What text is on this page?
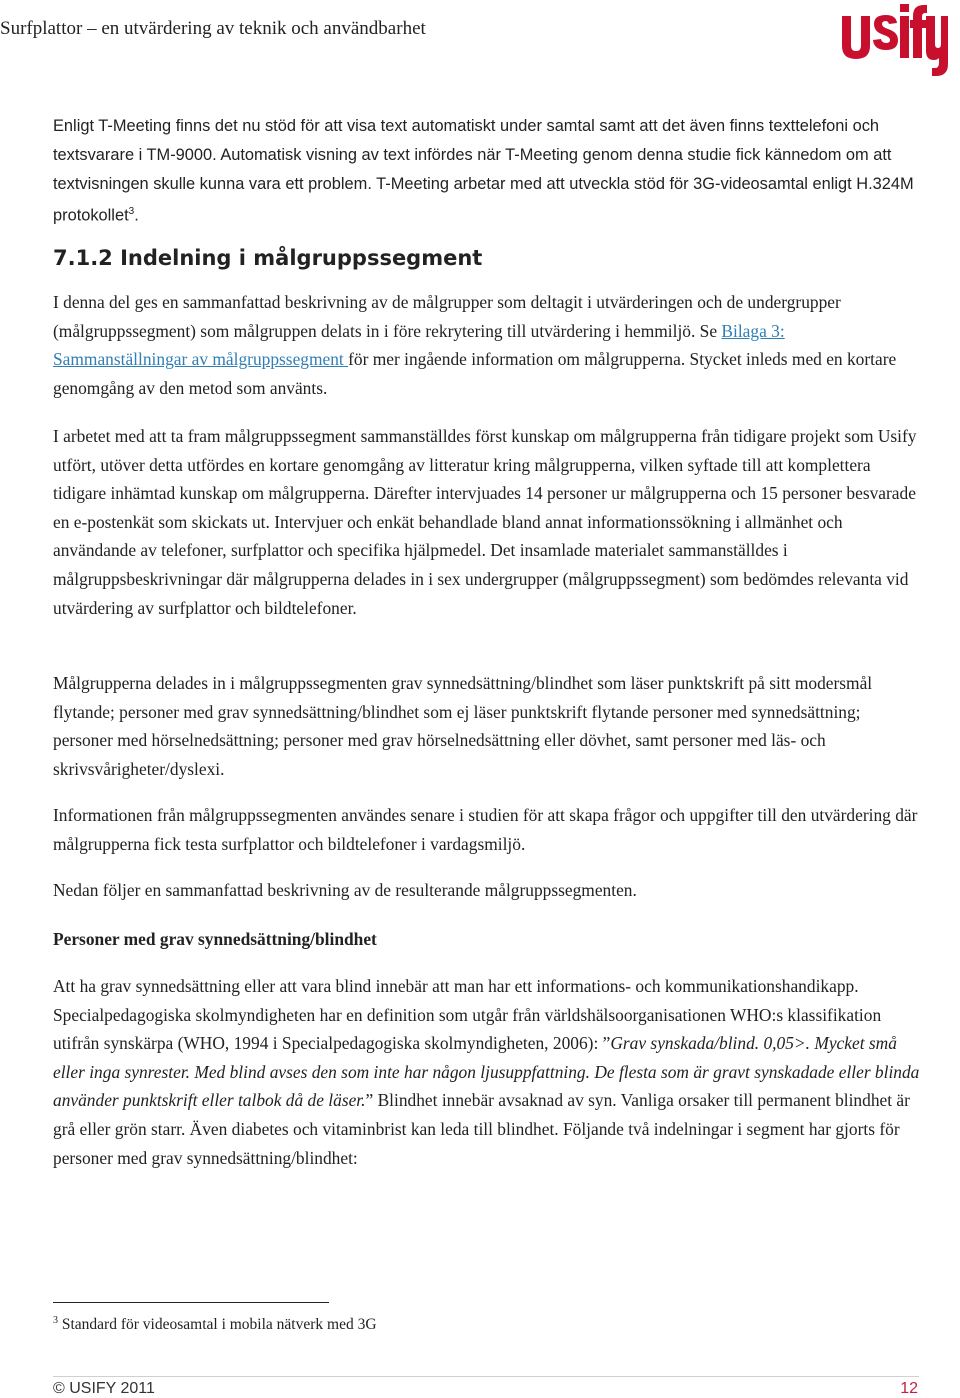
Surfplattor – en utvärdering av teknik och användbarhet

Enligt T-Meeting finns det nu stöd för att visa text automatiskt under samtal samt att det även finns texttelefoni och textsvarare i TM-9000. Automatisk visning av text infördes när T-Meeting genom denna studie fick kännedom om att textvisningen skulle kunna vara ett problem. T-Meeting arbetar med att utveckla stöd för 3G-videosamtal enligt H.324M protokollet$^3$.

7.1.2 Indelning i målgruppssegment

I denna del ges en sammanfattad beskrivning av de målgrupper som deltagit i utvärderingen och de undergrupper (målgruppssegment) som målgruppen delats in i före rekrytering till utvärdering i hemmiljö. Se Bilaga 3: Sammanställningar av målgruppssegment för mer ingående information om målgrupperna. Stycket inleds med en kortare genomgång av den metod som använts.

I arbetet med att ta fram målgruppssegment sammanställdes först kunskap om målgrupperna från tidigare projekt som Usify utfört, utöver detta utfördes en kortare genomgång av litteratur kring målgrupperna, vilken syftade till att komplettera tidigare inhämtad kunskap om målgrupperna. Därefter intervjuades 14 personer ur målgrupperna och 15 personer besvarade en e-postenkät som skickats ut. Intervjuer och enkät behandlade bland annat informationssökning i allmänhet och användande av telefoner, surfplattor och specifika hjälpmedel. Det insamlade materialet sammanställdes i målgruppsbeskrivningar där målgrupperna delades in i sex undergrupper (målgruppssegment) som bedömdes relevanta vid utvärdering av surfplattor och bildtelefoner.

Målgrupperna delades in i målgruppssegmenten grav synnedsättning/blindhet som läser punktskrift på sitt modersmål flytande; personer med grav synnedsättning/blindhet som ej läser punktskrift flytande personer med synnedsättning; personer med hörselnedsättning; personer med grav hörselnedsättning eller dövhet, samt personer med läs- och skrivsvårigheter/dyslexi.

Informationen från målgruppssegmenten användes senare i studien för att skapa frågor och uppgifter till den utvärdering där målgrupperna fick testa surfplattor och bildtelefoner i vardagsmiljö.

Nedan följer en sammanfattad beskrivning av de resulterande målgruppssegmenten.

Personer med grav synnedsättning/blindhet

Att ha grav synnedsättning eller att vara blind innebär att man har ett informations- och kommunikationshandikapp. Specialpedagogiska skolmyndigheten har en definition som utgår från världshälsoorganisationen WHO:s klassifikation utifrån synskärpa (WHO, 1994 i Specialpedagogiska skolmyndigheten, 2006): ”Grav synskada/blind. 0,05>. Mycket små eller inga synrester. Med blind avses den som inte har någon ljusuppfattning. De flesta som är gravt synskadade eller blinda använder punktskrift eller talbok då de läser.” Blindhet innebär avsaknad av syn. Vanliga orsaker till permanent blindhet är grå eller grön starr. Även diabetes och vitaminbrist kan leda till blindhet. Följande två indelningar i segment har gjorts för personer med grav synnedsättning/blindhet:

$^3$ Standard för videosamtal i mobila nätverk med 3G
© USIFY 2011	12
